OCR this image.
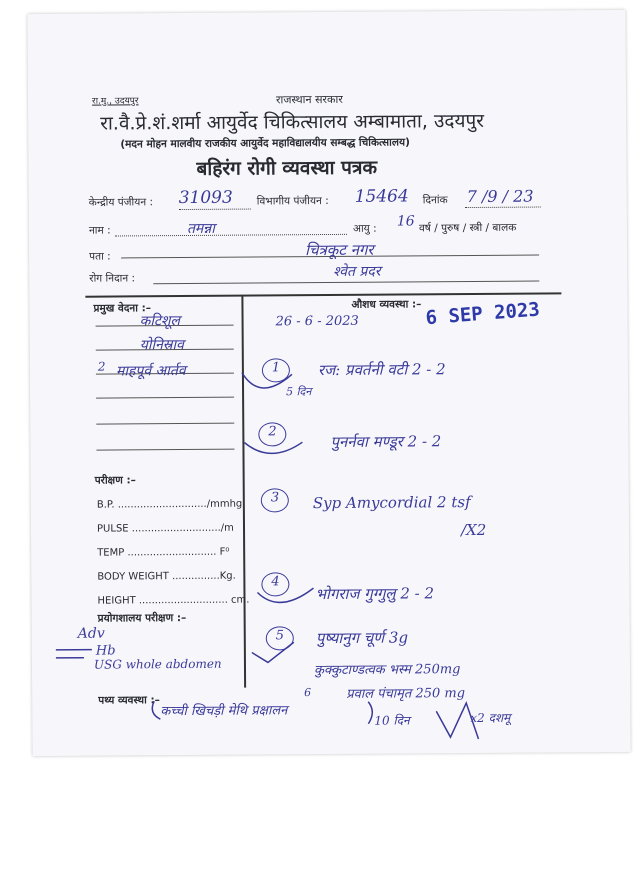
रा.मु., उदयपुर	राजस्थान सरकार
रा.वै.प्रे.शं.शर्मा आयुर्वेद चिकित्सालय अम्बामाता, उदयपुर
(मदन मोहन मालवीय राजकीय आयुर्वेद महाविद्यालयीय सम्बद्ध चिकित्सालय)
बहिरंग रोगी व्यवस्था पत्रक
केन्द्रीय पंजीयन : 31093 विभागीय पंजीयन : 15464 दिनांक 7 /9 / 23
नाम :	तमन्ना	आयु : 16 वर्ष / पुरुष / स्त्री / बालक
पता :	चित्रकूट नगर
रोग निदान :	श्वेत प्रदर
प्रमुख वेदना :–
कटिशूल
योनिस्राव
2 माहपूर्व आर्तव
परीक्षण :–
B.P. ............................/mmhg
PULSE ............................/m
TEMP ............................ F⁰
BODY WEIGHT ...............Kg.
HEIGHT ............................ cm.
प्रयोगशालय परीक्षण :–
Adv
Hb
USG whole abdomen
पथ्य व्यवस्था :–
कच्ची खिचड़ी मेथि प्रक्षालन
10 दिन
औशध व्यवस्था :– 6 SEP 2023
26 - 6 - 2023
1	रज: प्रवर्तनी वटी 2 - 2
5 दिन
2
पुनर्नवा मण्डूर 2 - 2
3 Syp Amycordial 2 tsf
/X2
4
भोगराज गुग्गुलु 2 - 2
5 पुष्यानुग चूर्ण 3g
कुक्कुटाण्डत्वक भस्म 250mg
6	प्रवाल पंचामृत 250 mg
x2 दशमू
